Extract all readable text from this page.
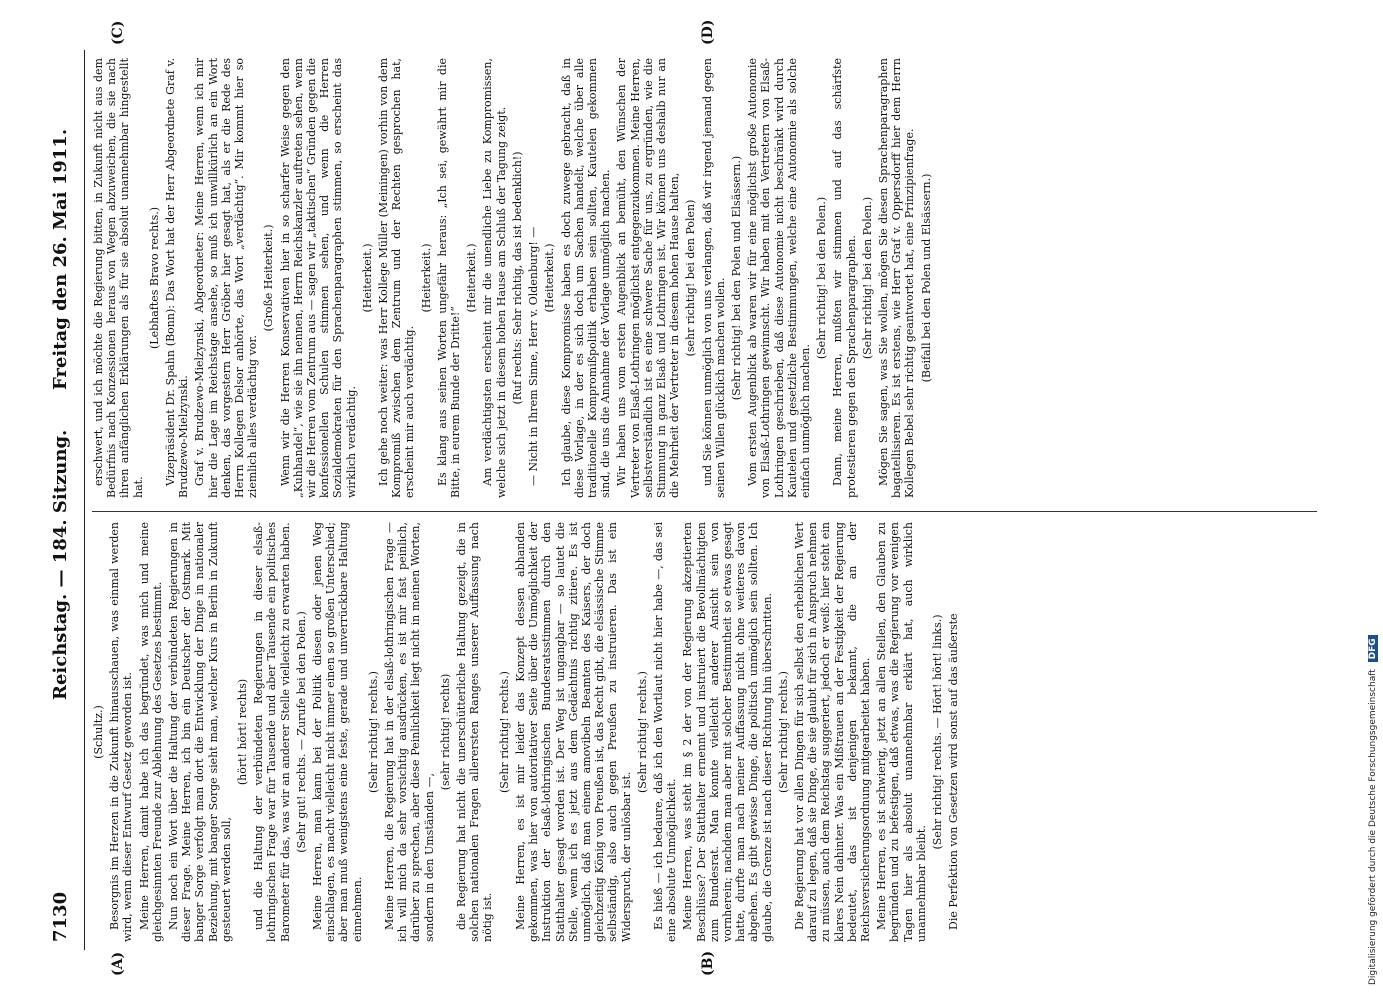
7130
Reichstag. — 184. Sitzung.
Freitag den 26. Mai 1911.
(A)	(B)
(C)	(D)

(Schultz.) Besorgnis im Herzen in die Zukunft hinausschauen, was einmal werden wird, wenn dieser Entwurf Gesetz geworden ist. Meine Herren, damit habe ich das begründet, was mich und meine gleichgesinnten Freunde zur Ablehnung des Gesetzes bestimmt. Nun noch ein Wort über die Haltung der verbündeten Regierungen in dieser Frage. Meine Herren, ich bin ein Deutscher der Ostmark. Mit banger Sorge verfolgt man dort die Entwicklung der Dinge in nationaler Beziehung, mit banger Sorge sieht man, welcher Kurs in Berlin in Zukunft gesteuert werden soll,

(hört! hört! rechts) und die Haltung der verbündeten Regierungen in dieser elsaß-lothringischen Frage war für Tausende und aber Tausende ein politisches Barometer für das, was wir an anderer Stelle vielleicht zu erwarten haben. (Sehr gut! rechts. — Zurufe bei den Polen.) Meine Herren, man kann bei der Politik diesen oder jenen Weg einschlagen, es macht vielleicht nicht immer einen so großen Unterschied; aber man muß wenigstens eine feste, gerade und unverrückbare Haltung einnehmen.

(Sehr richtig! rechts.) Meine Herren, die Regierung hat in der elsaß-lothringischen Frage — ich will mich da sehr vorsichtig ausdrücken, es ist mir fast peinlich, darüber zu sprechen, aber diese Peinlichkeit liegt nicht in meinen Worten, sondern in den Umständen —,

(sehr richtig! rechts) die Regierung hat nicht die unerschütterliche Haltung gezeigt, die in solchen nationalen Fragen allerersten Ranges unserer Auffassung nach nötig ist.

(Sehr richtig! rechts.) Meine Herren, es ist mir leider das Konzept dessen abhanden gekommen, was hier von autoritativer Seite über die Unmöglichkeit der Instruktion der elsaß-lothringischen Bundesratsstimmen durch den Statthalter gesagt worden ist. Der Weg ist ungangbar — so lautet die Stelle, wenn ich es jetzt aus dem Gedächtnis richtig zitiere. Es ist unmöglich, daß man einem amovibeln Beamten des Kaisers, der doch gleichzeitig König von Preußen ist, das Recht gibt, die elsässische Stimme selbständig, also auch gegen Preußen zu instruieren. Das ist ein Widerspruch, der unlösbar ist.

(Sehr richtig! rechts.) Es hieß — ich bedaure, daß ich den Wortlaut nicht hier habe —, das sei eine absolute Unmöglichkeit. Meine Herren, was steht im § 2 der von der Regierung akzeptierten Beschlüsse? Der Statthalter ernennt und instruiert die Bevollmächtigten zum Bundesrat. Man konnte vielleicht anderer Ansicht sein von vornherein; nachdem man aber mit solcher Bestimmtheit so etwas gesagt hatte, durfte man nach meiner Auffassung nicht ohne weiteres davon abgehen. Es gibt gewisse Dinge, die politisch unmöglich sein sollten. Ich glaube, die Grenze ist nach dieser Richtung hin überschritten. (Sehr richtig! rechts.) Die Regierung hat vor allen Dingen für sich selbst den erheblichen Wert darauf zu legen, daß sie Dinge, die sie glaubt für sich in Anspruch nehmen zu müssen, auch dem Reichstag suggeriert, jedoch er weiß: hier steht ein klares Nein dahinter. Was ein Mißtrauen an der Festigkeit der Regierung bedeutet, das ist denjenigen bekannt, die an der Reichsversicherungsordnung mitgearbeitet haben. Meine Herren, es ist schwierig, jetzt an allen Stellen, den Glauben zu begründen und zu befestigen, daß etwas, was die Regierung vor wenigen Tagen hier als absolut unannehmbar erklärt hat, auch wirklich unannehmbar bleibt.

(Sehr richtig! rechts. — Hört! hört! links.) Die Perfektion von Gesetzen wird sonst auf das äußerste

erschwert, und ich möchte die Regierung bitten, in Zukunft nicht aus dem Bedürfnis nach Konzessionen heraus von Wegen abzuweichen, die sie nach ihren anfänglichen Erklärungen als für sie absolut unannehmbar hingestellt hat.

(Lebhaftes Bravo rechts.) Vizepräsident Dr. Spahn (Bonn): Das Wort hat der Herr Abgeordnete Graf v. Brudzewo-Mielzynski. Graf v. Brudzewo-Mielzynski, Abgeordneter: Meine Herren, wenn ich mir hier die Lage im Reichstage ansehe, so muß ich unwillkürlich an ein Wort denken, das vorgestern Herr Gröber hier gesagt hat, als er die Rede des Herrn Kollegen Delsor anhörte, das Wort „verdächtig“. Mir kommt hier so ziemlich alles verdächtig vor.

(Große Heiterkeit.) Wenn wir die Herren Konservativen hier in so scharfer Weise gegen den „Kuhhandel“, wie sie ihn nennen, Herrn Reichskanzler auftreten sehen, wenn wir die Herren vom Zentrum aus — sagen wir „taktischen“ Gründen gegen die konfessionellen Schulen stimmen sehen, und wenn die Herren Sozialdemokraten für den Sprachenparagraphen stimmen, so erscheint das wirklich verdächtig.

(Heiterkeit.) Ich gehe noch weiter: was Herr Kollege Müller (Meiningen) vorhin von dem Kompromiß zwischen dem Zentrum und der Rechten gesprochen hat, erscheint mir auch verdächtig.

(Heiterkeit.) Es klang aus seinen Worten ungefähr heraus: „Ich sei, gewährt mir die Bitte, in eurem Bunde der Dritte!“

(Heiterkeit.) Am verdächtigsten erscheint mir die unendliche Liebe zu Kompromissen, welche sich jetzt in diesem hohen Hause am Schluß der Tagung zeigt. (Ruf rechts: Sehr richtig, das ist bedenklich!) — Nicht in Ihrem Sinne, Herr v. Oldenburg! — (Heiterkeit.) Ich glaube, diese Kompromisse haben es doch zuwege gebracht, daß in diese Vorlage, in der es sich doch um Sachen handelt, welche über alle traditionelle Kompromißpolitik erhaben sein sollten, Kautelen gekommen sind, die uns die Annahme der Vorlage unmöglich machen. Wir haben uns vom ersten Augenblick an bemüht, den Wünschen der Vertreter von Elsaß-Lothringen möglichst entgegenzukommen. Meine Herren, selbstverständlich ist es eine schwere Sache für uns, zu ergründen, wie die Stimmung in ganz Elsaß und Lothringen ist. Wir können uns deshalb nur an die Mehrheit der Vertreter in diesem hohen Hause halten, (sehr richtig! bei den Polen) und Sie können unmöglich von uns verlangen, daß wir irgend jemand gegen seinen Willen glücklich machen wollen. (Sehr richtig! bei den Polen und Elsässern.) Vom ersten Augenblick ab waren wir für eine möglichst große Autonomie von Elsaß-Lothringen gewinnscht. Wir haben mit den Vertretern von Elsaß-Lothringen geschrieben, daß diese Autonomie nicht beschränkt wird durch Kautelen und gesetzliche Bestimmungen, welche eine Autonomie als solche einfach unmöglich machen.

(Sehr richtig! bei den Polen.) Dann, meine Herren, mußten wir stimmen und auf das schärfste protestieren gegen den Sprachenparagraphen. (Sehr richtig! bei den Polen.) Mögen Sie sagen, was Sie wollen, mögen Sie diesen Sprachenparagraphen bagatellisieren. Es ist erstens, wie Herr Graf v. Oppersdorff hier dem Herrn Kollegen Bebel sehr richtig geantwortet hat, eine Prinzipienfrage. (Beifall bei den Polen und Elsässern.)

Digitalisierung gefördert durch die Deutsche Forschungsgemeinschaft DFG
